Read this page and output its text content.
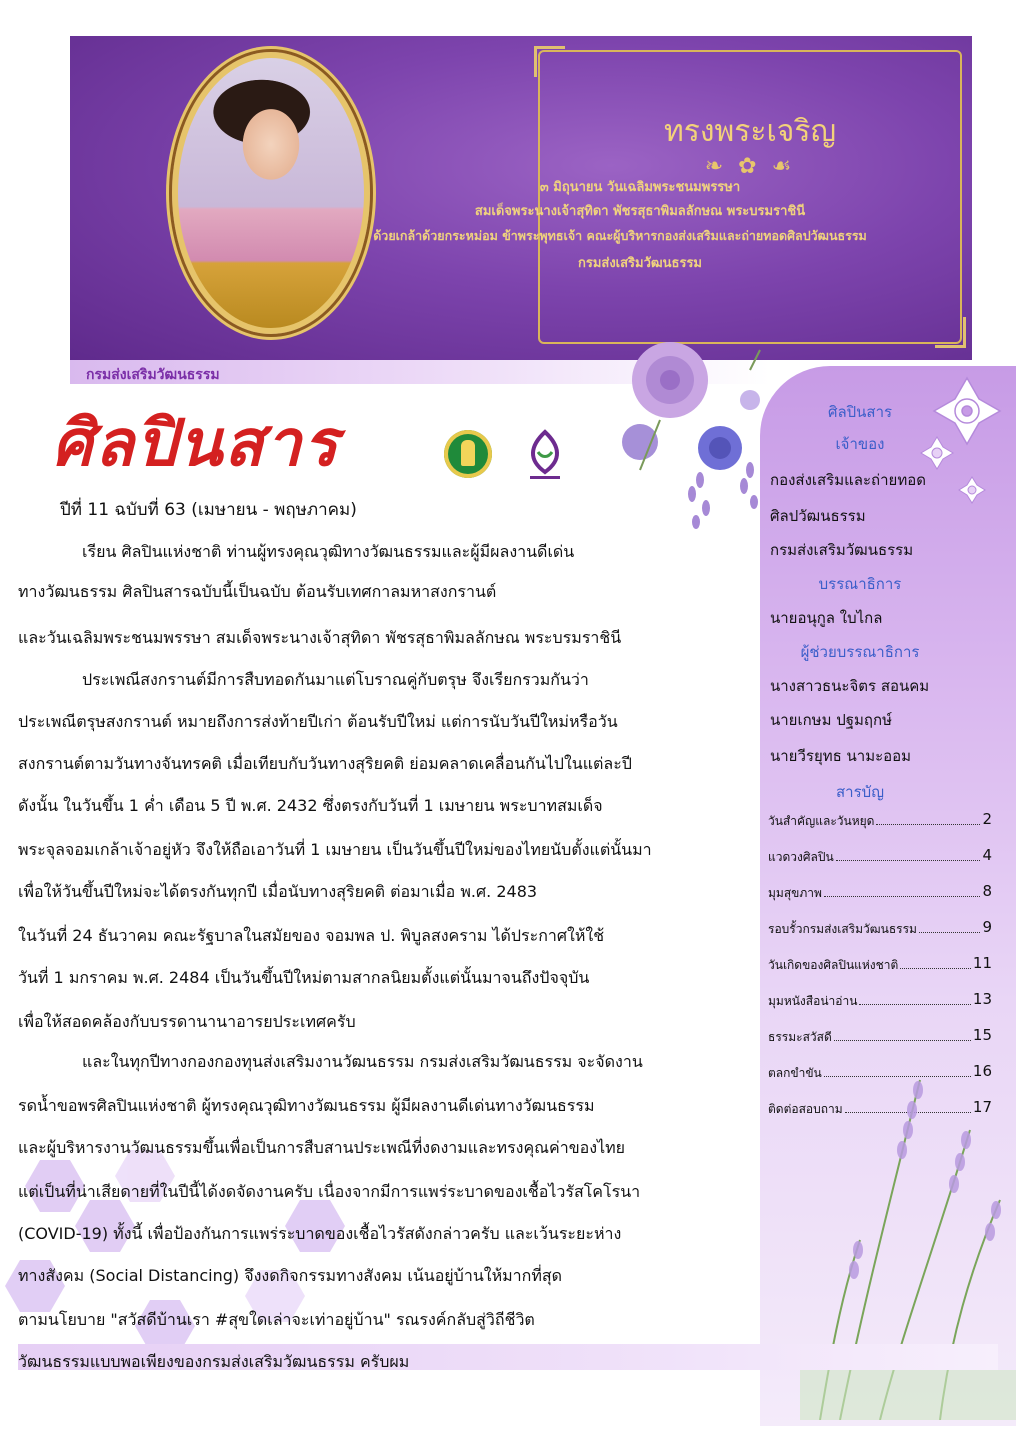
ทรงพระเจริญ
❧ ✿ ☙
๓ มิถุนายน วันเฉลิมพระชนมพรรษา
สมเด็จพระนางเจ้าสุทิดา พัชรสุธาพิมลลักษณ พระบรมราชินี
ด้วยเกล้าด้วยกระหม่อม ข้าพระพุทธเจ้า คณะผู้บริหารกองส่งเสริมและถ่ายทอดศิลปวัฒนธรรม
กรมส่งเสริมวัฒนธรรม
กรมส่งเสริมวัฒนธรรม
ศิลปินสาร	ศิลปินสาร
เจ้าของ
กองส่งเสริมและถ่ายทอด
ศิลปวัฒนธรรม
กรมส่งเสริมวัฒนธรรม
บรรณาธิการ
นายอนุกูล ใบไกล
ผู้ช่วยบรรณาธิการ
นางสาวธนะจิตร สอนคม
นายเกษม ปฐมฤกษ์
นายวีรยุทธ นามะออม
สารบัญ
วันสำคัญและวันหยุด	2
แวดวงศิลปิน	4
มุมสุขภาพ	8
รอบรั้วกรมส่งเสริมวัฒนธรรม	9
วันเกิดของศิลปินแห่งชาติ	11
มุมหนังสือน่าอ่าน	13
ธรรมะสวัสดี	15
ตลกขำขัน	16
ติดต่อสอบถาม	17
ปีที่ 11 ฉบับที่ 63 (เมษายน - พฤษภาคม)
เรียน ศิลปินแห่งชาติ ท่านผู้ทรงคุณวุฒิทางวัฒนธรรมและผู้มีผลงานดีเด่น
ทางวัฒนธรรม ศิลปินสารฉบับนี้เป็นฉบับ ต้อนรับเทศกาลมหาสงกรานต์
และวันเฉลิมพระชนมพรรษา สมเด็จพระนางเจ้าสุทิดา พัชรสุธาพิมลลักษณ พระบรมราชินี
ประเพณีสงกรานต์มีการสืบทอดกันมาแต่โบราณคู่กับตรุษ จึงเรียกรวมกันว่า
ประเพณีตรุษสงกรานต์ หมายถึงการส่งท้ายปีเก่า ต้อนรับปีใหม่ แต่การนับวันปีใหม่หรือวัน
สงกรานต์ตามวันทางจันทรคติ เมื่อเทียบกับวันทางสุริยคติ ย่อมคลาดเคลื่อนกันไปในแต่ละปี
ดังนั้น ในวันขึ้น 1 ค่ำ เดือน 5 ปี พ.ศ. 2432 ซึ่งตรงกับวันที่ 1 เมษายน พระบาทสมเด็จ
พระจุลจอมเกล้าเจ้าอยู่หัว จึงให้ถือเอาวันที่ 1 เมษายน เป็นวันขึ้นปีใหม่ของไทยนับตั้งแต่นั้นมา
เพื่อให้วันขึ้นปีใหม่จะได้ตรงกันทุกปี เมื่อนับทางสุริยคติ ต่อมาเมื่อ พ.ศ. 2483
ในวันที่ 24 ธันวาคม คณะรัฐบาลในสมัยของ จอมพล ป. พิบูลสงคราม ได้ประกาศให้ใช้
วันที่ 1 มกราคม พ.ศ. 2484 เป็นวันขึ้นปีใหม่ตามสากลนิยมตั้งแต่นั้นมาจนถึงปัจจุบัน
เพื่อให้สอดคล้องกับบรรดานานาอารยประเทศครับ
และในทุกปีทางกองกองทุนส่งเสริมงานวัฒนธรรม กรมส่งเสริมวัฒนธรรม จะจัดงาน
รดน้ำขอพรศิลปินแห่งชาติ ผู้ทรงคุณวุฒิทางวัฒนธรรม ผู้มีผลงานดีเด่นทางวัฒนธรรม
และผู้บริหารงานวัฒนธรรมขึ้นเพื่อเป็นการสืบสานประเพณีที่งดงามและทรงคุณค่าของไทย
แต่เป็นที่น่าเสียดายที่ในปีนี้ได้งดจัดงานครับ เนื่องจากมีการแพร่ระบาดของเชื้อไวรัสโคโรนา
(COVID-19) ทั้งนี้ เพื่อป้องกันการแพร่ระบาดของเชื้อไวรัสดังกล่าวครับ และเว้นระยะห่าง
ทางสังคม (Social Distancing) จึงงดกิจกรรมทางสังคม เน้นอยู่บ้านให้มากที่สุด
ตามนโยบาย "สวัสดีบ้านเรา #สุขใดเล่าจะเท่าอยู่บ้าน" รณรงค์กลับสู่วิถีชีวิต
วัฒนธรรมแบบพอเพียงของกรมส่งเสริมวัฒนธรรม ครับผม
